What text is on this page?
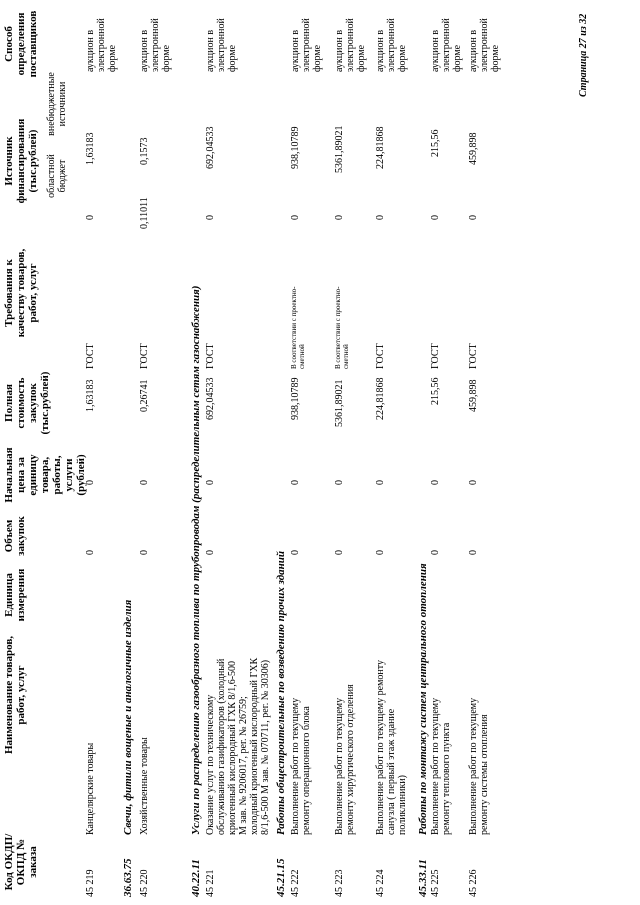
Код ОКДП/ ОКПД № заказа
Наименование товаров, работ, услуг
Единица измерения
Объем закупок
Начальная цена за единицу товара, работы, услуги (рублей)
Полная стоимость закупок (тыс.рублей)
Требования к качеству товаров, работ, услуг
Источник финансирования (тыс.рублей) областной бюджет
внебюджетные источники
Способ определения поставщиков
45 219
Канцелярские товары
0
0
1,63183
ГОСТ
0
1,63183
аукцион в электронной форме
36.63.75
Свечи, фитили вощеные и аналогичные изделия
45 220
Хозяйственные товары
0
0
0,26741
ГОСТ
0,11011
0,1573
аукцион в электронной форме
40.22.11
Услуги по распределению газообразного топлива по трубопроводам (распределительным сетям газоснабжения)
45 221
Оказание услуг по техническому обслуживанию газификаторов (холодный криогенный кислородный ГХК 8/1,6-500 М зав. № 9206017, рег. № 26759; холодный криогенный кислородный ГХК 8/1,6-500 М зав. № 070711, рег. № 30306)
0
0
692,04533
ГОСТ
0
692,04533
аукцион в электронной форме
45.21.15
Работы общестроительные по возведению прочих зданий
45 222
Выполнение работ по текущему ремонту операционного блока
0
0
938,10789
В соответствии с проектно-сметной
0
938,10789
аукцион в электронной форме
45 223
Выполнение работ по текущему ремонту хирургического отделения
0
0
5361,89021
В соответствии с проектно-сметной
0
5361,89021
аукцион в электронной форме
45 224
Выполнение работ по текущему ремонту санузла ( первый этаж здание поликлиники)
0
0
224,81868
ГОСТ
0
224,81868
аукцион в электронной форме
45.33.11
Работы по монтажу систем центрального отопления
45 225
Выполнение работ по текущему ремонту теплового пункта
0
0
215,56
ГОСТ
0
215,56
аукцион в электронной форме
45 226
Выполнение работ по текущему ремонту системы отопления
0
0
459,898
ГОСТ
0
459,898
аукцион в электронной форме	Страница 27 из 32
